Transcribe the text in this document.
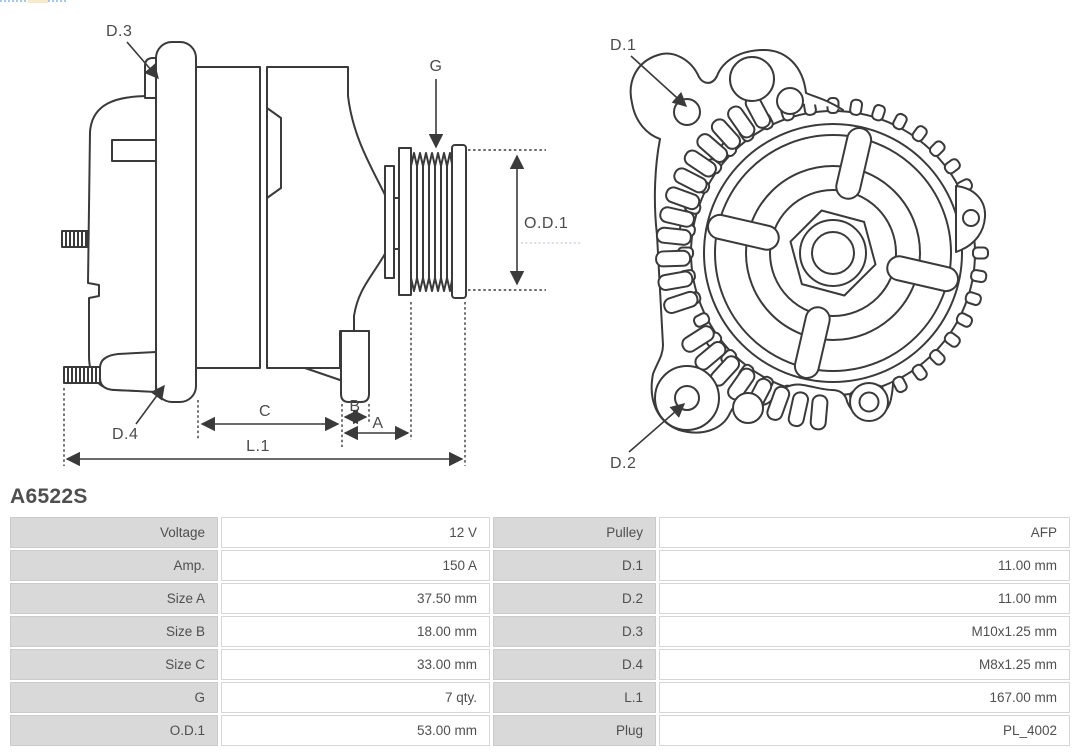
D.3
G
D.4
O.D.1
C	B
A
L.1
D.1
D.2
A6522S
Voltage	12 V	Pulley	AFP
Amp.	150 A	D.1	11.00 mm
Size A	37.50 mm	D.2	11.00 mm
Size B	18.00 mm	D.3	M10x1.25 mm
Size C	33.00 mm	D.4	M8x1.25 mm
G	7 qty.	L.1	167.00 mm
O.D.1	53.00 mm	Plug	PL_4002
